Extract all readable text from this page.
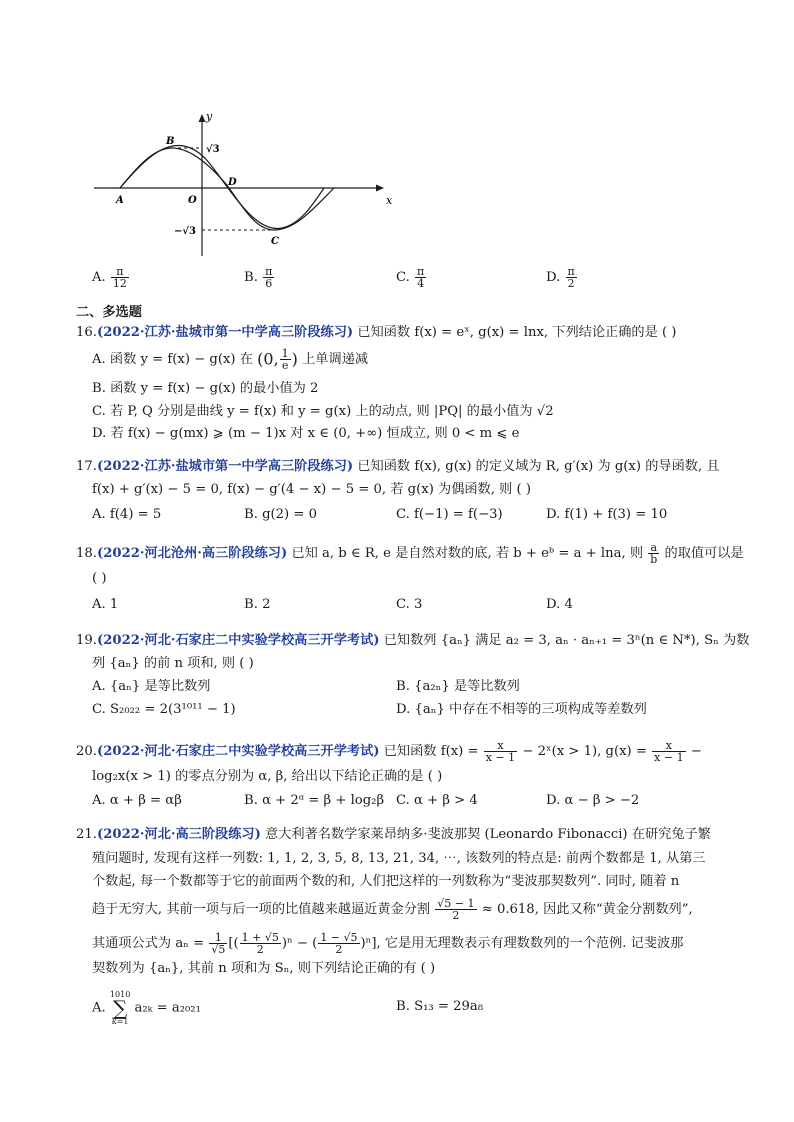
y
x
B
A	O
D
C
√3
−√3
A. $\frac{\pi}{12}$	B. $\frac{\pi}{6}$	C. $\frac{\pi}{4}$	D. $\frac{\pi}{2}$
二、多选题
16.(2022·江苏·盐城市第一中学高三阶段练习) 已知函数 f(x) = eˣ, g(x) = lnx, 下列结论正确的是 ( )
A. 函数 y = f(x) − g(x) 在 (0, $\frac{1}{e}$ ) 上单调递减
B. 函数 y = f(x) − g(x) 的最小值为 2
C. 若 P, Q 分别是曲线 y = f(x) 和 y = g(x) 上的动点, 则 |PQ| 的最小值为 √2
D. 若 f(x) − g(mx) ⩾ (m − 1)x 对 x ∈ (0, +∞) 恒成立, 则 0 < m ⩽ e
17.(2022·江苏·盐城市第一中学高三阶段练习) 已知函数 f(x), g(x) 的定义域为 R, g′(x) 为 g(x) 的导函数, 且
f(x) + g′(x) − 5 = 0, f(x) − g′(4 − x) − 5 = 0, 若 g(x) 为偶函数, 则 ( )
A. f(4) = 5	B. g(2) = 0	C. f(−1) = f(−3)	D. f(1) + f(3) = 10
18.(2022·河北沧州·高三阶段练习) 已知 a, b ∈ R, e 是自然对数的底, 若 b + eᵇ = a + lna, 则 $\frac{a}{b}$ 的取值可以是
( )
A. 1	B. 2	C. 3	D. 4
19.(2022·河北·石家庄二中实验学校高三开学考试) 已知数列 {aₙ} 满足 a₂ = 3, aₙ · aₙ₊₁ = 3ⁿ(n ∈ N*), Sₙ 为数
列 {aₙ} 的前 n 项和, 则 ( )
A. {aₙ} 是等比数列	B. {a₂ₙ} 是等比数列
C. S₂₀₂₂ = 2(3¹⁰¹¹ − 1)	D. {aₙ} 中存在不相等的三项构成等差数列
20.(2022·河北·石家庄二中实验学校高三开学考试) 已知函数 $f(x) = \frac{x}{x - 1}$ − 2ˣ(x > 1), $g(x) = \frac{x}{x - 1}$ −
log₂x(x > 1) 的零点分别为 α, β, 给出以下结论正确的是 ( )
A. α + β = αβ	B. α + 2ᵅ = β + log₂β C. α + β > 4	D. α − β > −2
21.(2022·河北·高三阶段练习) 意大利著名数学家莱昂纳多·斐波那契 (Leonardo Fibonacci) 在研究兔子繁
殖问题时, 发现有这样一列数: 1, 1, 2, 3, 5, 8, 13, 21, 34, ⋯, 该数列的特点是: 前两个数都是 1, 从第三
个数起, 每一个数都等于它的前面两个数的和, 人们把这样的一列数称为“斐波那契数列”. 同时, 随着 n
趋于无穷大, 其前一项与后一项的比值越来越逼近黄金分割 $\frac{√5 - 1}{2} \approx 0.618$, 因此又称“黄金分割数列”,
其通项公式为 $a_n = \frac{1}{√5}$ [( $\frac{1 + √5}{2} )^n$ − ( $\frac{1 - √5}{2} )^n$], 它是用无理数表示有理数数列的一个范例. 记斐波那
契数列为 {aₙ}, 其前 n 项和为 Sₙ, 则下列结论正确的有 ( )
A.
1010
∑
k=1
a₂ₖ = a₂₀₂₁	B. S₁₃ = 29a₈
